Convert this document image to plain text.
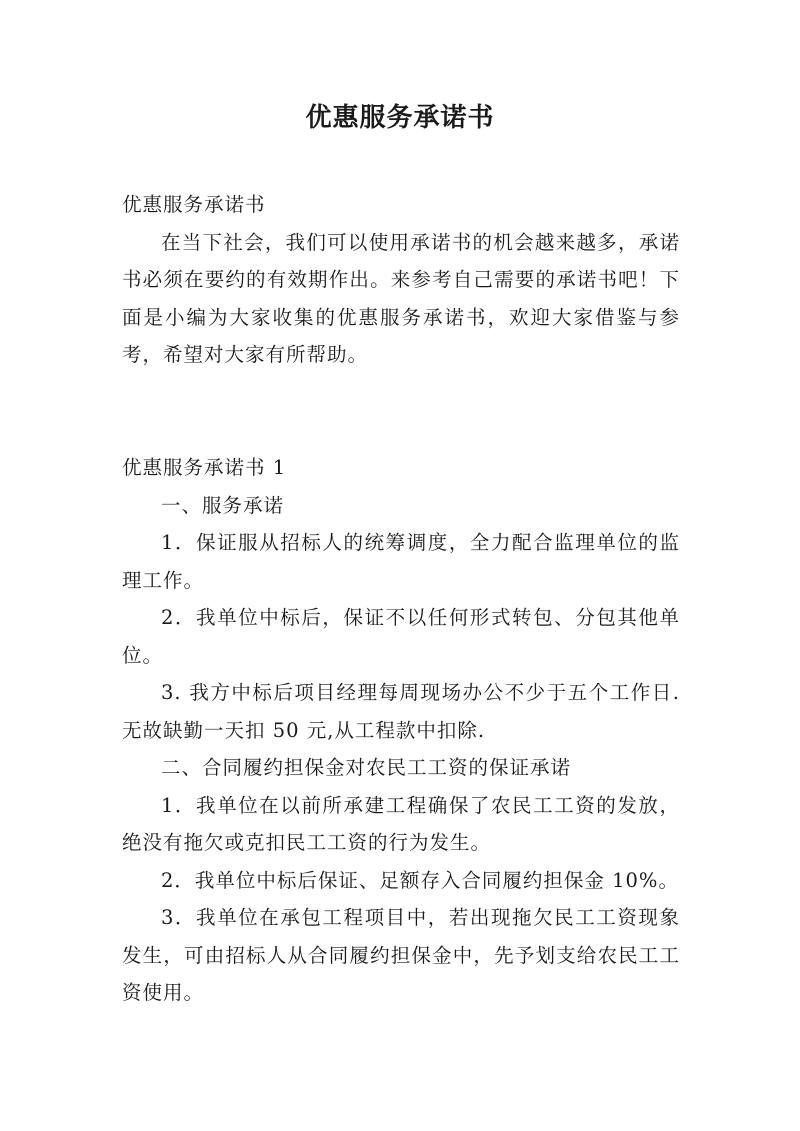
优惠服务承诺书

优惠服务承诺书

在当下社会，我们可以使用承诺书的机会越来越多，承诺书必须在要约的有效期作出。来参考自己需要的承诺书吧！下面是小编为大家收集的优惠服务承诺书，欢迎大家借鉴与参考，希望对大家有所帮助。

优惠服务承诺书 1

一、服务承诺

1．保证服从招标人的统筹调度，全力配合监理单位的监理工作。

2．我单位中标后，保证不以任何形式转包、分包其他单位。

3. 我方中标后项目经理每周现场办公不少于五个工作日.无故缺勤一天扣 50 元,从工程款中扣除.

二、合同履约担保金对农民工工资的保证承诺

1．我单位在以前所承建工程确保了农民工工资的发放，绝没有拖欠或克扣民工工资的行为发生。

2．我单位中标后保证、足额存入合同履约担保金 10%。

3．我单位在承包工程项目中，若出现拖欠民工工资现象发生，可由招标人从合同履约担保金中，先予划支给农民工工资使用。
